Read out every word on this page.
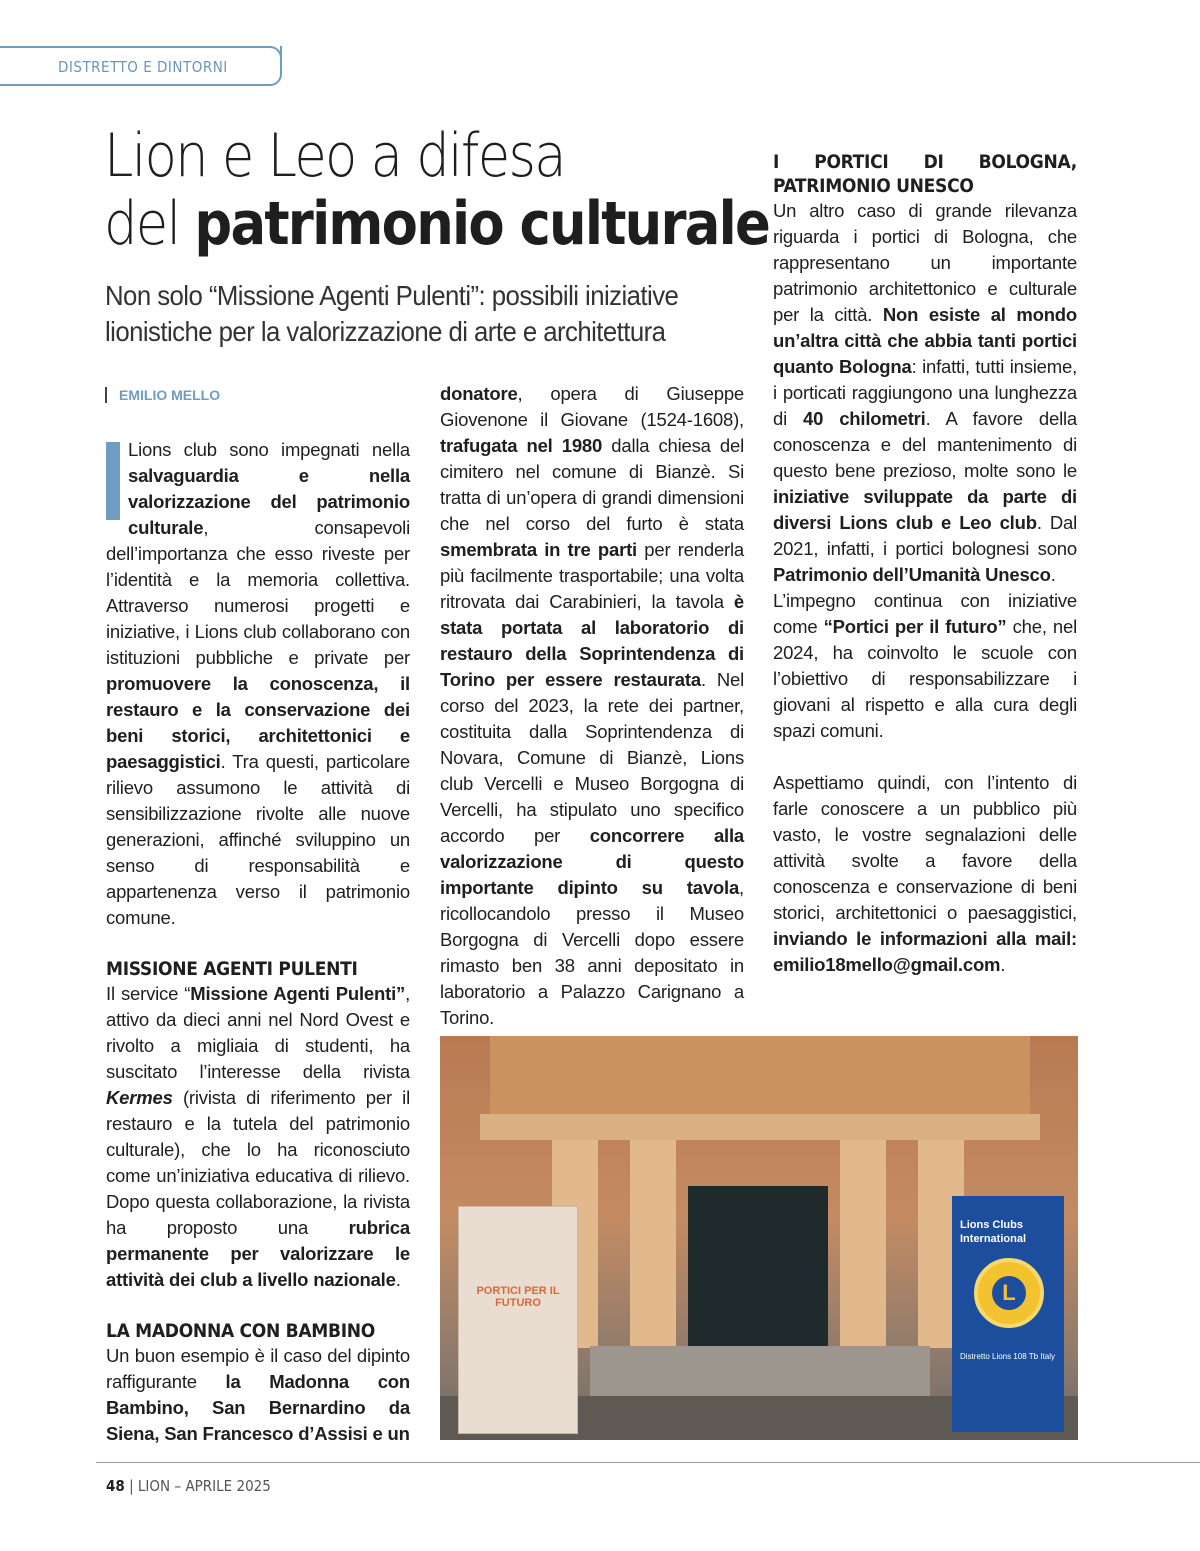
DISTRETTO E DINTORNI
Lion e Leo a difesa
del patrimonio culturale
Non solo “Missione Agenti Pulenti”: possibili iniziative lionistiche per la valorizzazione di arte e architettura
EMILIO MELLO

I	Lions club sono impegnati nella salvaguardia e nella valorizzazione del patrimonio culturale, consapevoli dell’importanza che esso riveste per l’identità e la memoria collettiva. Attraverso numerosi progetti e iniziative, i Lions club collaborano con istituzioni pubbliche e private per promuovere la conoscenza, il restauro e la conservazione dei beni storici, architettonici e paesaggistici. Tra questi, particolare rilievo assumono le attività di sensibilizzazione rivolte alle nuove generazioni, affinché sviluppino un senso di responsabilità e appartenenza verso il patrimonio comune.

MISSIONE AGENTI PULENTI

Il service “Missione Agenti Pulenti”, attivo da dieci anni nel Nord Ovest e rivolto a migliaia di studenti, ha suscitato l’interesse della rivista Kermes (rivista di riferimento per il restauro e la tutela del patrimonio culturale), che lo ha riconosciuto come un’iniziativa educativa di rilievo. Dopo questa collaborazione, la rivista ha proposto una rubrica permanente per valorizzare le attività dei club a livello nazionale.

LA MADONNA CON BAMBINO

Un buon esempio è il caso del dipinto raffigurante la Madonna con Bambino, San Bernardino da Siena, San Francesco d’Assisi e un

donatore, opera di Giuseppe Giovenone il Giovane (1524-1608), trafugata nel 1980 dalla chiesa del cimitero nel comune di Bianzè. Si tratta di un’opera di grandi dimensioni che nel corso del furto è stata smembrata in tre parti per renderla più facilmente trasportabile; una volta ritrovata dai Carabinieri, la tavola è stata portata al laboratorio di restauro della Soprintendenza di Torino per essere restaurata. Nel corso del 2023, la rete dei partner, costituita dalla Soprintendenza di Novara, Comune di Bianzè, Lions club Vercelli e Museo Borgogna di Vercelli, ha stipulato uno specifico accordo per concorrere alla valorizzazione di questo importante dipinto su tavola, ricollocandolo presso il Museo Borgogna di Vercelli dopo essere rimasto ben 38 anni depositato in laboratorio a Palazzo Carignano a Torino.

I PORTICI DI BOLOGNA, PATRIMONIO UNESCO

Un altro caso di grande rilevanza riguarda i portici di Bologna, che rappresentano un importante patrimonio architettonico e culturale per la città. Non esiste al mondo un’altra città che abbia tanti portici quanto Bologna: infatti, tutti insieme, i porticati raggiungono una lunghezza di 40 chilometri. A favore della conoscenza e del mantenimento di questo bene prezioso, molte sono le iniziative sviluppate da parte di diversi Lions club e Leo club. Dal 2021, infatti, i portici bolognesi sono Patrimonio dell’Umanità Unesco.

L’impegno continua con iniziative come “Portici per il futuro” che, nel 2024, ha coinvolto le scuole con l’obiettivo di responsabilizzare i giovani al rispetto e alla cura degli spazi comuni.

Aspettiamo quindi, con l’intento di farle conoscere a un pubblico più vasto, le vostre segnalazioni delle attività svolte a favore della conoscenza e conservazione di beni storici, architettonici o paesaggistici, inviando le informazioni alla mail: emilio18mello@gmail.com.

PORTICI PER IL FUTURO
Lions Clubs International
L
Distretto Lions 108 Tb Italy
48 | LION – APRILE 2025
